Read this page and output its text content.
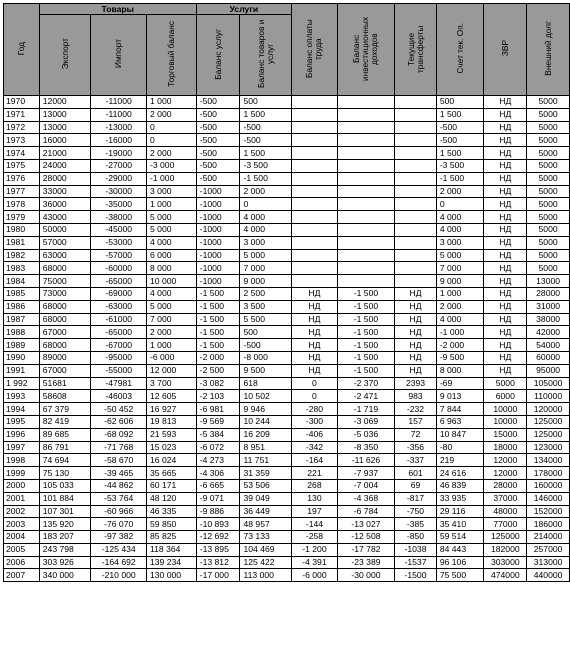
Год	Товары			Услуги		Баланс оплаты труда	Баланс инвестиционных доходов	Текущие трансферты	Счет тек. Оп.	ЗВР	Внешний долг
	Экспорт	Импорт	Торговый баланс	Баланс услуг	Баланс товаров и услуг						
1970	12000	-11000	1 000	-500	500				500	НД	5000
1971	13000	-11000	2 000	-500	1 500				1 500	НД	5000
1972	13000	-13000	0	-500	-500				-500	НД	5000
1973	16000	-16000	0	-500	-500				-500	НД	5000
1974	21000	-19000	2 000	-500	1 500				1 500	НД	5000
1975	24000	-27000	-3 000	-500	-3 500				-3 500	НД	5000
1976	28000	-29000	-1 000	-500	-1 500				-1 500	НД	5000
1977	33000	-30000	3 000	-1000	2 000				2 000	НД	5000
1978	36000	-35000	1 000	-1000	0				0	НД	5000
1979	43000	-38000	5 000	-1000	4 000				4 000	НД	5000
1980	50000	-45000	5 000	-1000	4 000				4 000	НД	5000
1981	57000	-53000	4 000	-1000	3 000				3 000	НД	5000
1982	63000	-57000	6 000	-1000	5 000				5 000	НД	5000
1983	68000	-60000	8 000	-1000	7 000				7 000	НД	5000
1984	75000	-65000	10 000	-1000	9 000				9 000	НД	13000
1985	73000	-69000	4 000	-1 500	2 500	НД	-1 500	НД	1 000	НД	28000
1986	68000	-63000	5 000	-1 500	3 500	НД	-1 500	НД	2 000	НД	31000
1987	68000	-61000	7 000	-1 500	5 500	НД	-1 500	НД	4 000	НД	38000
1988	67000	-65000	2 000	-1 500	500	НД	-1 500	НД	-1 000	НД	42000
1989	68000	-67000	1 000	-1 500	-500	НД	-1 500	НД	-2 000	НД	54000
1990	89000	-95000	-6 000	-2 000	-8 000	НД	-1 500	НД	-9 500	НД	60000
1991	67000	-55000	12 000	-2 500	9 500	НД	-1 500	НД	8 000	НД	95000
1 992	51681	-47981	3 700	-3 082	618	0	-2 370	2393	-69	5000	105000
1993	58608	-46003	12 605	-2 103	10 502	0	-2 471	983	9 013	6000	110000
1994	67 379	-50 452	16 927	-6 981	9 946	-280	-1 719	-232	7 844	10000	120000
1995	82 419	-62 606	19 813	-9 569	10 244	-300	-3 069	157	6 963	10000	125000
1996	89 685	-68 092	21 593	-5 384	16 209	-406	-5 036	72	10 847	15000	125000
1997	86 791	-71 768	15 023	-6 072	8 951	-342	-8 350	-356	-80	18000	123000
1998	74 694	-58 670	16 024	-4 273	11 751	-164	-11 626	-337	219	12000	134000
1999	75 130	-39 465	35 665	-4 306	31 359	221	-7 937	601	24 616	12000	178000
2000	105 033	-44 862	60 171	-6 665	53 506	268	-7 004	69	46 839	28000	160000
2001	101 884	-53 764	48 120	-9 071	39 049	130	-4 368	-817	33 935	37000	146000
2002	107 301	-60 966	46 335	-9 886	36 449	197	-6 784	-750	29 116	48000	152000
2003	135 920	-76 070	59 850	-10 893	48 957	-144	-13 027	-385	35 410	77000	186000
2004	183 207	-97 382	85 825	-12 692	73 133	-258	-12 508	-850	59 514	125000	214000
2005	243 798	-125 434	118 364	-13 895	104 469	-1 200	-17 782	-1038	84 443	182000	257000
2006	303 926	-164 692	139 234	-13 812	125 422	-4 391	-23 389	-1537	96 106	303000	313000
2007	340 000	-210 000	130 000	-17 000	113 000	-6 000	-30 000	-1500	75 500	474000	440000
